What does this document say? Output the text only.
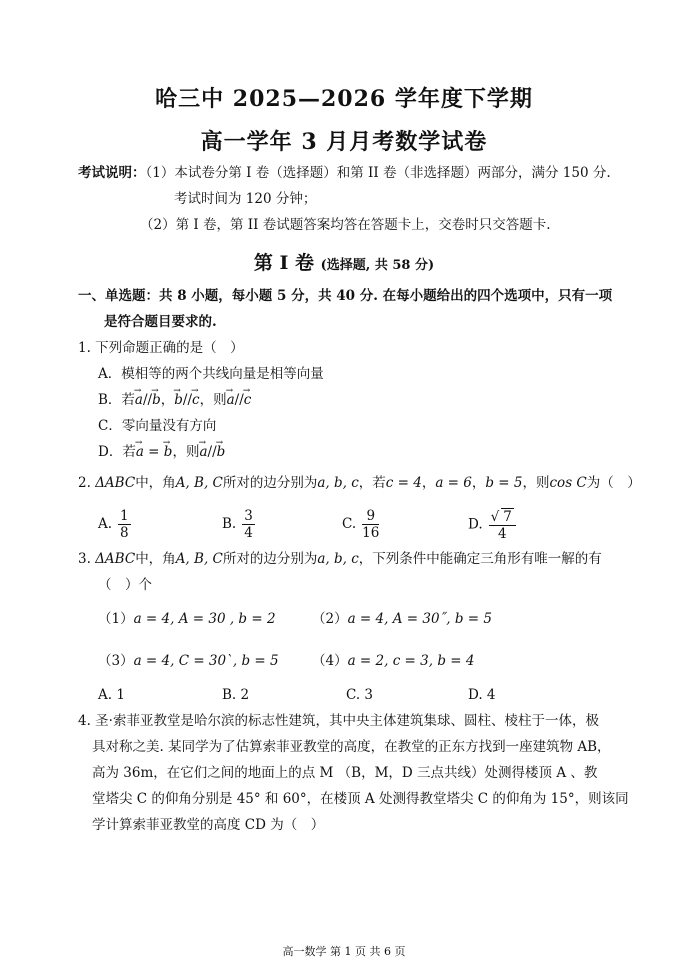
哈三中 2025—2026 学年度下学期
高一学年 3 月月考数学试卷
考试说明：（1）本试卷分第 I 卷（选择题）和第 II 卷（非选择题）两部分，满分 150 分.
考试时间为 120 分钟；
（2）第 I 卷，第 II 卷试题答案均答在答题卡上，交卷时只交答题卡.
第 I 卷 (选择题, 共 58 分)
一、单选题：共 8 小题，每小题 5 分，共 40 分. 在每小题给出的四个选项中，只有一项
是符合题目要求的.
1. 下列命题正确的是（　）
A．模相等的两个共线向量是相等向量
B．若→ a//→ b，→ b//→ c，则→ a//→ c
C．零向量没有方向
D．若→ a = → b，则→ a//→ b
2. ΔABC中，角A, B, C所对的边分别为a, b, c，若c = 4，a = 6，b = 5，则cos C为（　）
A. $\frac{1}{8}$	B. $\frac{3}{4}$	C. $\frac{9}{16}$	D. $\frac{√ 7}{4}$
3. ΔABC中，角A, B, C所对的边分别为a, b, c，下列条件中能确定三角形有唯一解的有
（　）个
（1）a = 4, A = 30 , b = 2	（2）a = 4, A = 30˝, b = 5
（3）a = 4, C = 30ˋ, b = 5 （4）a = 2, c = 3, b = 4
A. 1	B. 2	C. 3	D. 4
4. 圣·索菲亚教堂是哈尔滨的标志性建筑，其中央主体建筑集球、圆柱、棱柱于一体，极
具对称之美. 某同学为了估算索菲亚教堂的高度，在教堂的正东方找到一座建筑物 AB，
高为 36m，在它们之间的地面上的点 M （B，M，D 三点共线）处测得楼顶 A 、教
堂塔尖 C 的仰角分别是 45° 和 60°，在楼顶 A 处测得教堂塔尖 C 的仰角为 15°，则该同
学计算索菲亚教堂的高度 CD 为（　）
高一数学 第 1 页 共 6 页
